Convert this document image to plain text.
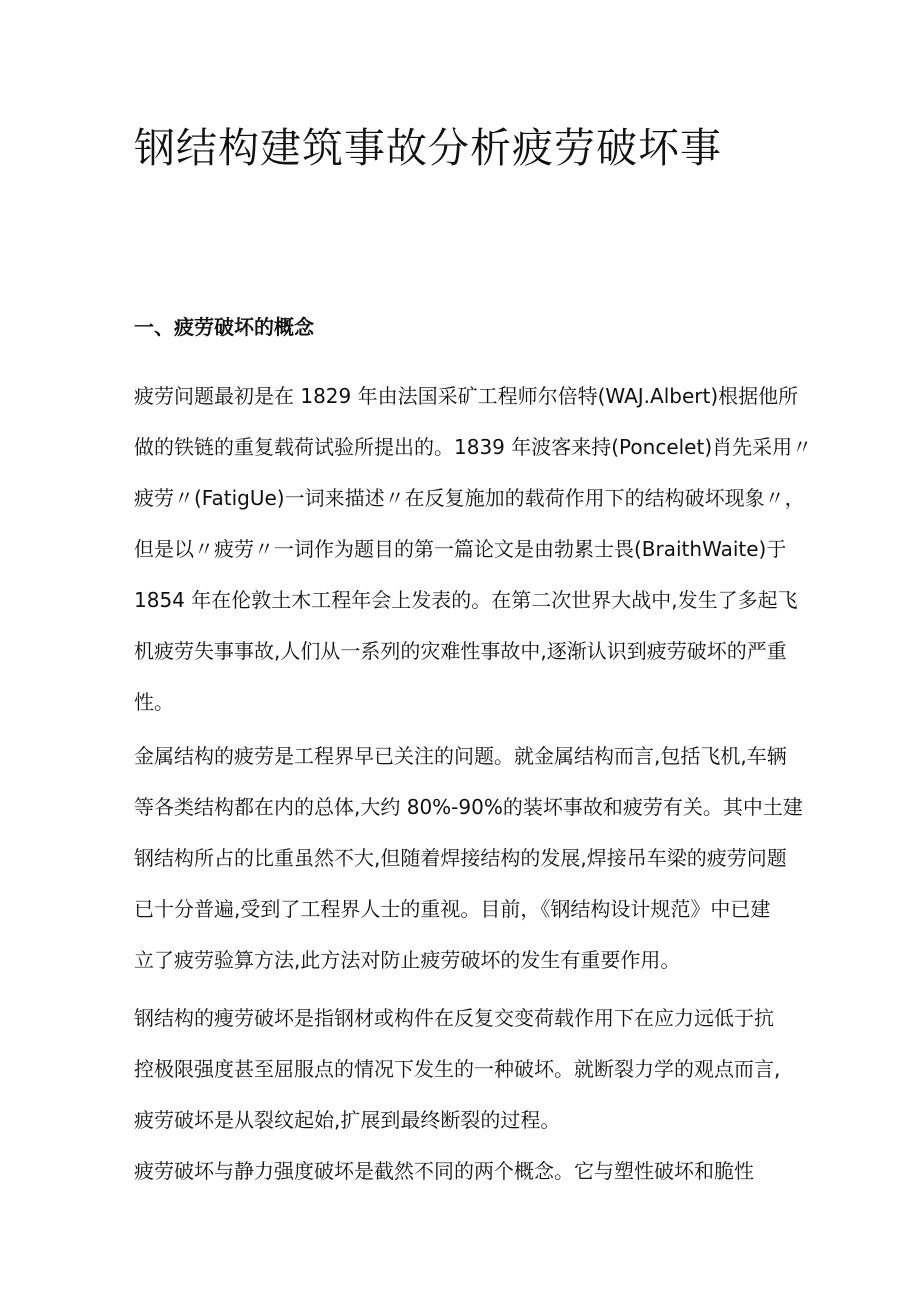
钢结构建筑事故分析疲劳破坏事
一、疲劳破坏的概念
疲劳问题最初是在 1829 年由法国采矿工程师尔倍特(WAJ.Albert)根据他所
做的铁链的重复载荷试验所提出的。1839 年波客来持(Poncelet)肖先采用〃
疲劳〃(FatigUe)一词来描述〃在反复施加的载荷作用下的结构破坏现象〃，
但是以〃疲劳〃一词作为题目的第一篇论文是由勃累士畏(BraithWaite)于
1854 年在伦敦土木工程年会上发表的。在第二次世界大战中,发生了多起飞
机疲劳失事事故,人们从一系列的灾难性事故中,逐渐认识到疲劳破坏的严重
性。
金属结构的疲劳是工程界早已关注的问题。就金属结构而言,包括飞机,车辆
等各类结构都在内的总体,大约 80%-90%的装坏事故和疲劳有关。其中土建
钢结构所占的比重虽然不大,但随着焊接结构的发展,焊接吊车梁的疲劳问题
已十分普遍,受到了工程界人士的重视。目前，《钢结构设计规范》中已建
立了疲劳验算方法,此方法对防止疲劳破坏的发生有重要作用。
钢结构的瘦劳破坏是指钢材或构件在反复交变荷载作用下在应力远低于抗
控极限强度甚至屈服点的情况下发生的一种破坏。就断裂力学的观点而言,
疲劳破坏是从裂纹起始,扩展到最终断裂的过程。
疲劳破坏与静力强度破坏是截然不同的两个概念。它与塑性破坏和脆性
